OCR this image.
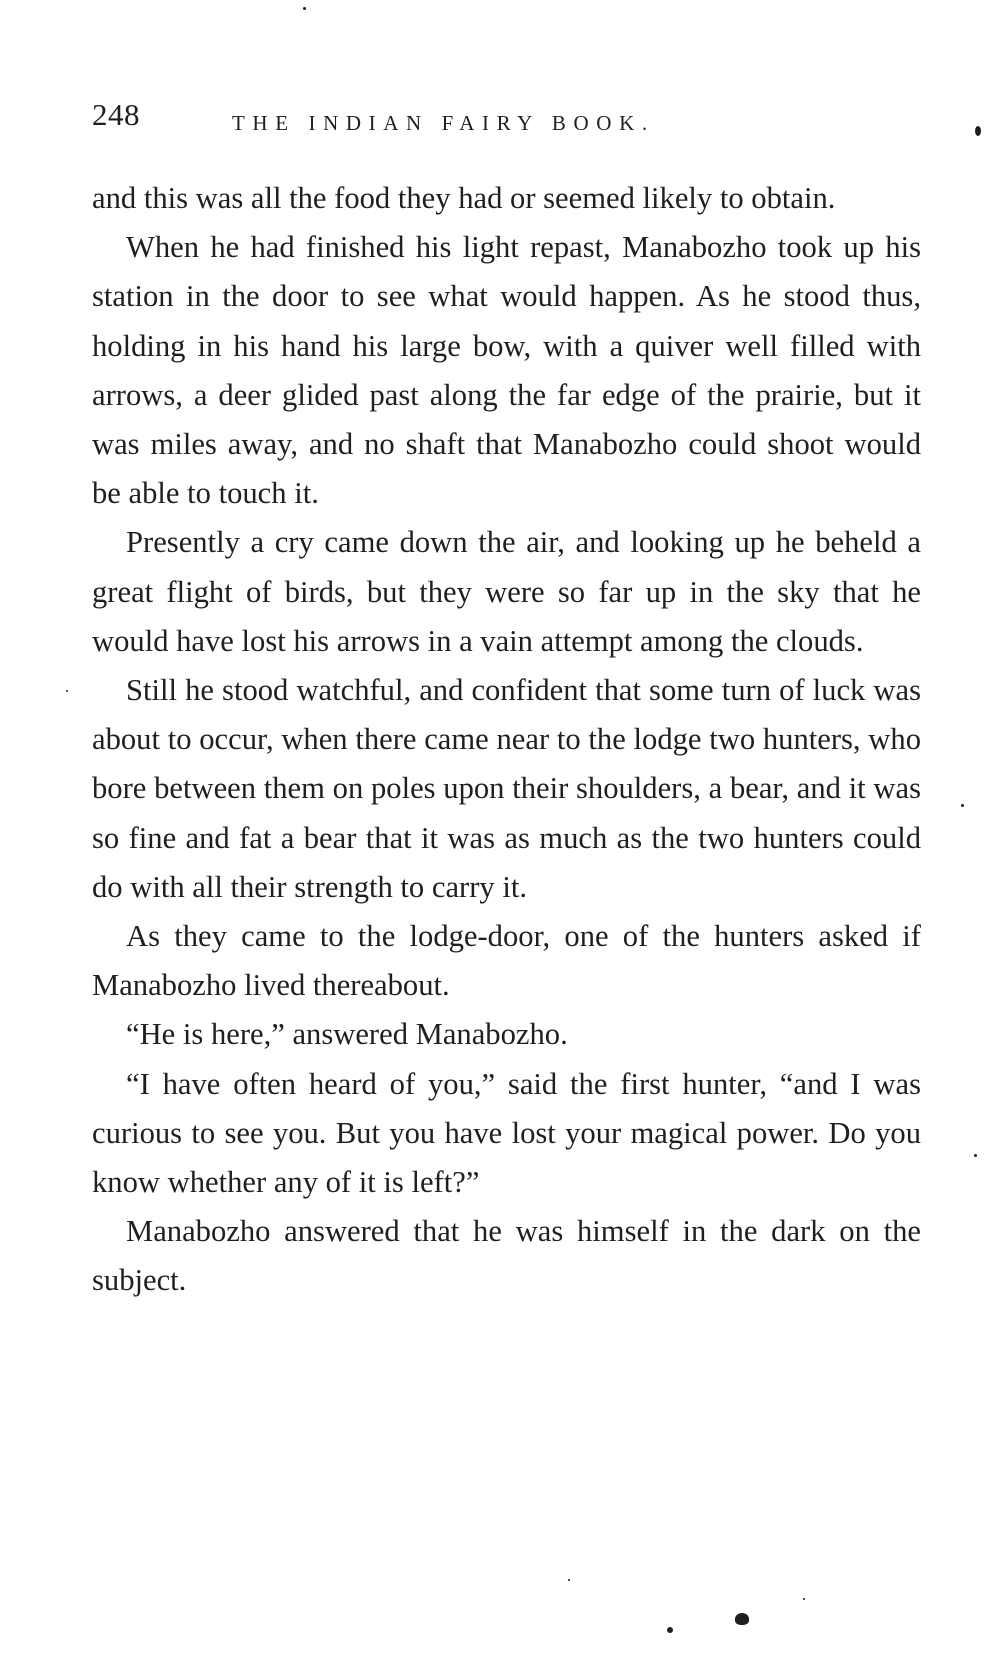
248	THE INDIAN FAIRY BOOK.

and this was all the food they had or seemed likely to obtain.

When he had finished his light repast, Manabozho took up his station in the door to see what would happen. As he stood thus, holding in his hand his large bow, with a quiver well filled with arrows, a deer glided past along the far edge of the prairie, but it was miles away, and no shaft that Manabozho could shoot would be able to touch it.

Presently a cry came down the air, and looking up he beheld a great flight of birds, but they were so far up in the sky that he would have lost his arrows in a vain attempt among the clouds.

Still he stood watchful, and confident that some turn of luck was about to occur, when there came near to the lodge two hunters, who bore between them on poles upon their shoulders, a bear, and it was so fine and fat a bear that it was as much as the two hunters could do with all their strength to carry it.

As they came to the lodge-door, one of the hunters asked if Manabozho lived thereabout.

“He is here,” answered Manabozho.

“I have often heard of you,” said the first hunter, “and I was curious to see you. But you have lost your magical power. Do you know whether any of it is left?”

Manabozho answered that he was himself in the dark on the subject.
